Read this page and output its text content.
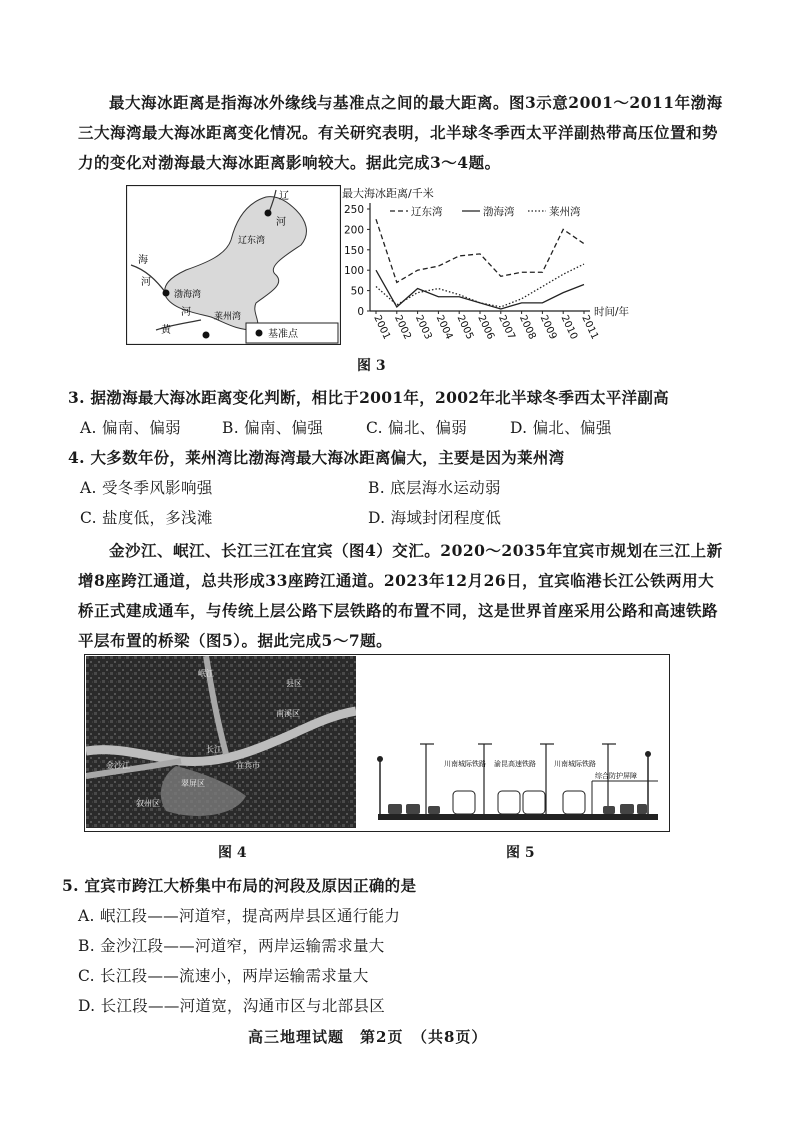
最大海冰距离是指海冰外缘线与基准点之间的最大距离。图3示意2001～2011年渤海三大海湾最大海冰距离变化情况。有关研究表明，北半球冬季西太平洋副热带高压位置和势力的变化对渤海最大海冰距离影响较大。据此完成3～4题。
辽
河
辽东湾
海
河
渤海湾
黄
河	莱州湾
基准点
最大海冰距离/千米
0
50
100
150
200
250
2001 2002 2003 2004 2005 2006 2007 2008 2009 2010 2011
时间/年
辽东湾	渤海湾	莱州湾
图 3
3. 据渤海最大海冰距离变化判断，相比于2001年，2002年北半球冬季西太平洋副高
A. 偏南、偏弱	B. 偏南、偏强	C. 偏北、偏弱	D. 偏北、偏强
4. 大多数年份，莱州湾比渤海湾最大海冰距离偏大，主要是因为莱州湾
A. 受冬季风影响强	B. 底层海水运动弱
C. 盐度低，多浅滩	D. 海域封闭程度低
金沙江、岷江、长江三江在宜宾（图4）交汇。2020～2035年宜宾市规划在三江上新增8座跨江通道，总共形成33座跨江通道。2023年12月26日，宜宾临港长江公铁两用大桥正式建成通车，与传统上层公路下层铁路的布置不同，这是世界首座采用公路和高速铁路平层布置的桥梁（图5）。据此完成5～7题。
岷江
金沙江
长江
宜宾市
县区
南溪区
翠屏区
叙州区
川南城际铁路 渝昆高速铁路	川南城际铁路
综合防护屏障
图 4	图 5
5. 宜宾市跨江大桥集中布局的河段及原因正确的是
A. 岷江段——河道窄，提高两岸县区通行能力
B. 金沙江段——河道窄，两岸运输需求量大
C. 长江段——流速小，两岸运输需求量大
D. 长江段——河道宽，沟通市区与北部县区
高三地理试题　第2页　（共8页）
